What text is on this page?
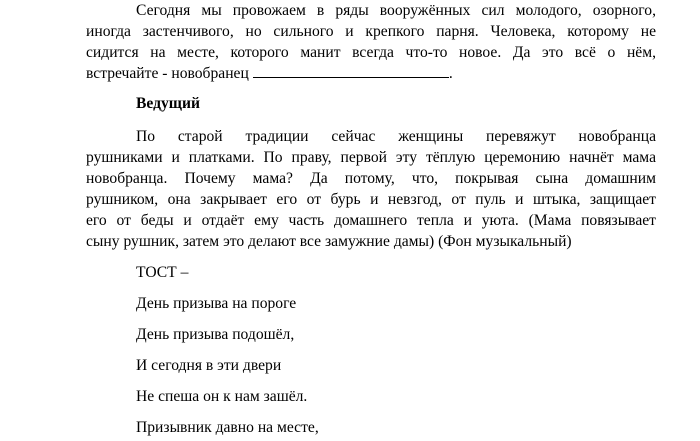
Сегодня мы провожаем в ряды вооружённых сил молодого, озорного,
иногда застенчивого, но сильного и крепкого парня. Человека, которому не
сидится на месте, которого манит всегда что-то новое. Да это всё о нём,
встречайте - новобранец	.

Ведущий

По старой традиции сейчас женщины перевяжут новобранца
рушниками и платками. По праву, первой эту тёплую церемонию начнёт мама
новобранца. Почему мама? Да потому, что, покрывая сына домашним
рушником, она закрывает его от бурь и невзгод, от пуль и штыка, защищает
его от беды и отдаёт ему часть домашнего тепла и уюта. (Мама повязывает
сыну рушник, затем это делают все замужние дамы) (Фон музыкальный)

ТОСТ –

День призыва на пороге

День призыва подошёл,

И сегодня в эти двери

Не спеша он к нам зашёл.

Призывник давно на месте,
